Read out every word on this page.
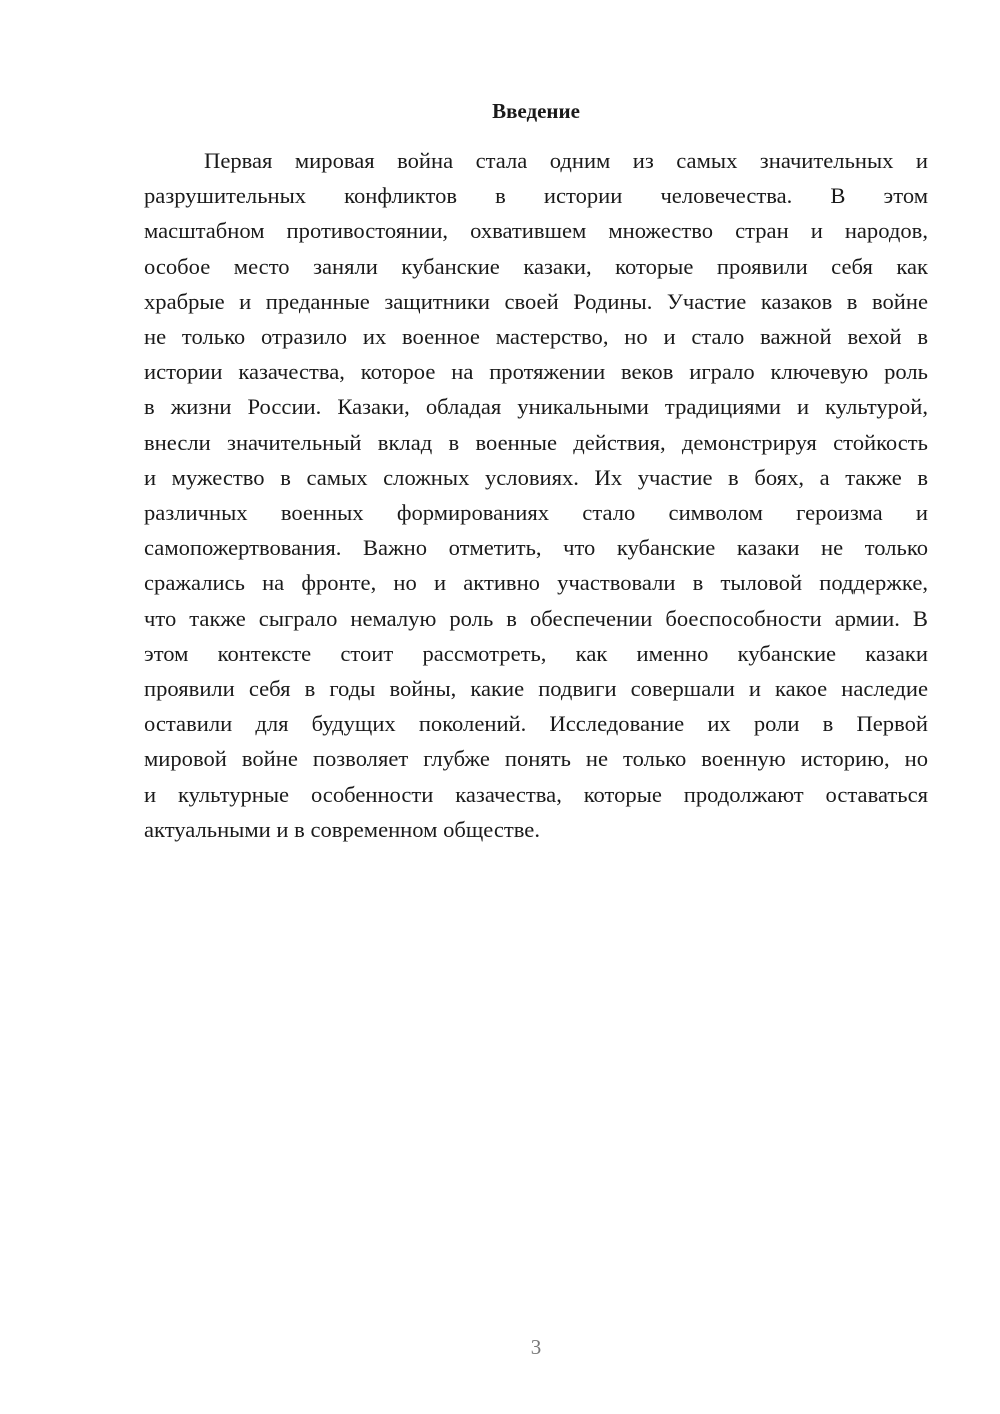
Введение

Первая мировая война стала одним из самых значительных и
разрушительных конфликтов в истории человечества. В этом
масштабном противостоянии, охватившем множество стран и народов,
особое место заняли кубанские казаки, которые проявили себя как
храбрые и преданные защитники своей Родины. Участие казаков в войне
не только отразило их военное мастерство, но и стало важной вехой в
истории казачества, которое на протяжении веков играло ключевую роль
в жизни России. Казаки, обладая уникальными традициями и культурой,
внесли значительный вклад в военные действия, демонстрируя стойкость
и мужество в самых сложных условиях. Их участие в боях, а также в
различных военных формированиях стало символом героизма и
самопожертвования. Важно отметить, что кубанские казаки не только
сражались на фронте, но и активно участвовали в тыловой поддержке,
что также сыграло немалую роль в обеспечении боеспособности армии. В
этом контексте стоит рассмотреть, как именно кубанские казаки
проявили себя в годы войны, какие подвиги совершали и какое наследие
оставили для будущих поколений. Исследование их роли в Первой
мировой войне позволяет глубже понять не только военную историю, но
и культурные особенности казачества, которые продолжают оставаться
актуальными и в современном обществе.

3
